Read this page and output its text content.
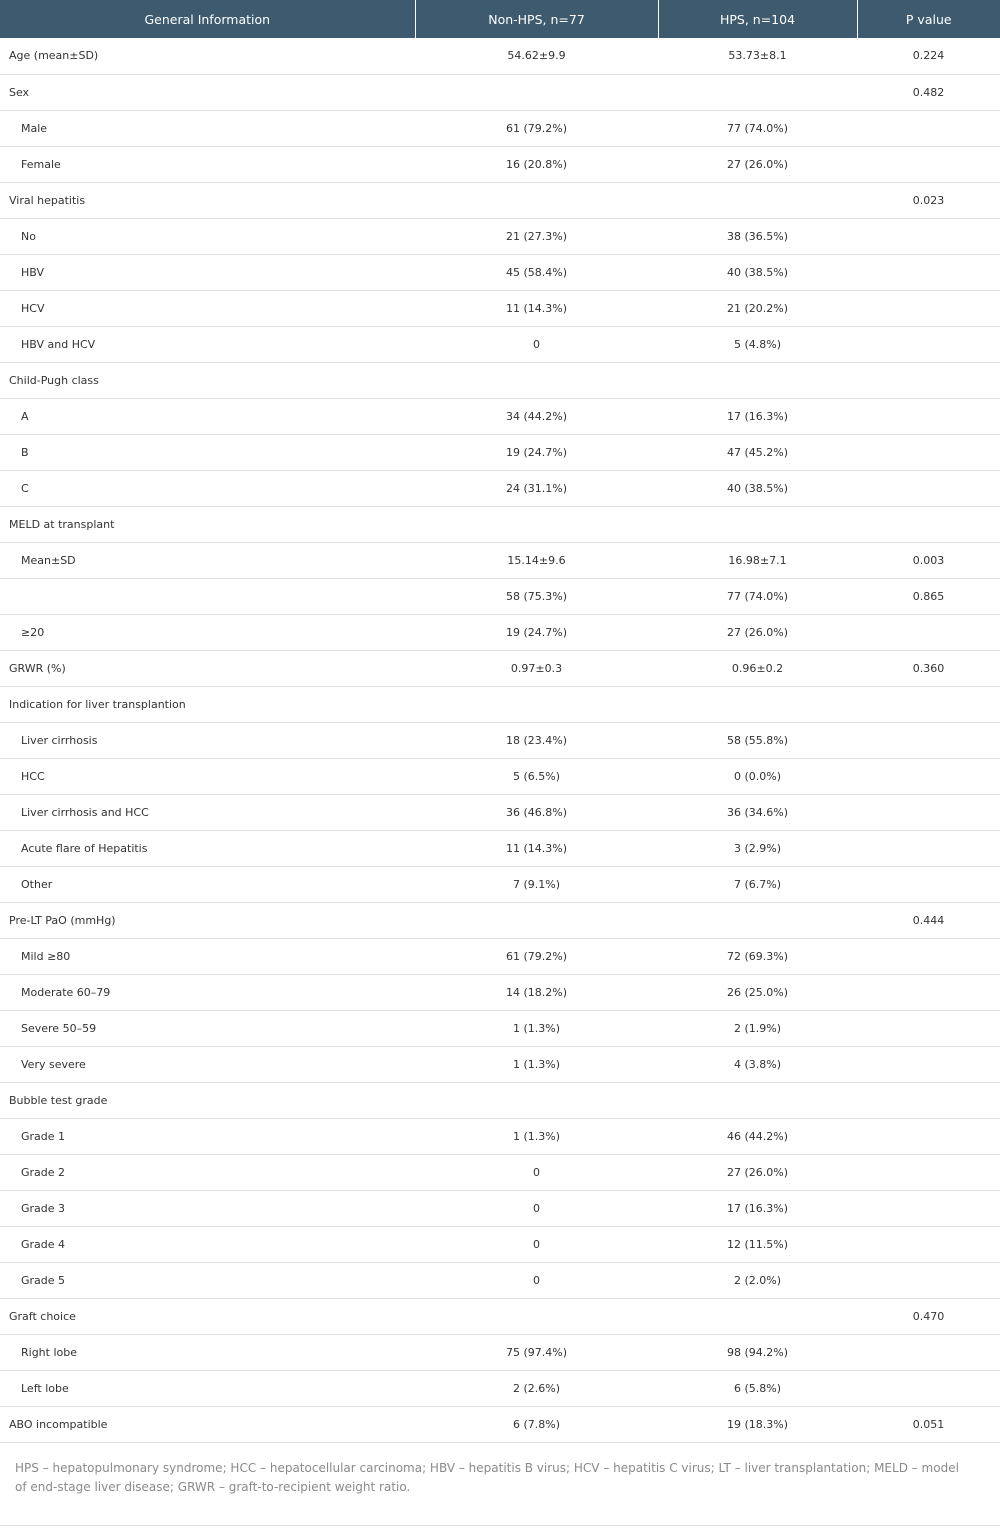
General Information	Non-HPS, n=77	HPS, n=104	P value
Age (mean±SD)	54.62±9.9	53.73±8.1	0.224
Sex			0.482
Male	61 (79.2%)	77 (74.0%)	
Female	16 (20.8%)	27 (26.0%)	
Viral hepatitis			0.023
No	21 (27.3%)	38 (36.5%)	
HBV	45 (58.4%)	40 (38.5%)	
HCV	11 (14.3%)	21 (20.2%)	
HBV and HCV	0	5 (4.8%)	
Child-Pugh class			
A	34 (44.2%)	17 (16.3%)	
B	19 (24.7%)	47 (45.2%)	
C	24 (31.1%)	40 (38.5%)	
MELD at transplant			
Mean±SD	15.14±9.6	16.98±7.1	0.003
	58 (75.3%)	77 (74.0%)	0.865
≥20	19 (24.7%)	27 (26.0%)	
GRWR (%)	0.97±0.3	0.96±0.2	0.360
Indication for liver transplantion			
Liver cirrhosis	18 (23.4%)	58 (55.8%)	
HCC	5 (6.5%)	0 (0.0%)	
Liver cirrhosis and HCC	36 (46.8%)	36 (34.6%)	
Acute flare of Hepatitis	11 (14.3%)	3 (2.9%)	
Other	7 (9.1%)	7 (6.7%)	
Pre-LT PaO (mmHg)			0.444
Mild ≥80	61 (79.2%)	72 (69.3%)	
Moderate 60–79	14 (18.2%)	26 (25.0%)	
Severe 50–59	1 (1.3%)	2 (1.9%)	
Very severe	1 (1.3%)	4 (3.8%)	
Bubble test grade			
Grade 1	1 (1.3%)	46 (44.2%)	
Grade 2	0	27 (26.0%)	
Grade 3	0	17 (16.3%)	
Grade 4	0	12 (11.5%)	
Grade 5	0	2 (2.0%)	
Graft choice			0.470
Right lobe	75 (97.4%)	98 (94.2%)	
Left lobe	2 (2.6%)	6 (5.8%)	
ABO incompatible	6 (7.8%)	19 (18.3%)	0.051

HPS – hepatopulmonary syndrome; HCC – hepatocellular carcinoma; HBV – hepatitis B virus; HCV – hepatitis C virus; LT – liver transplantation; MELD – model of end-stage liver disease; GRWR – graft-to-recipient weight ratio.
